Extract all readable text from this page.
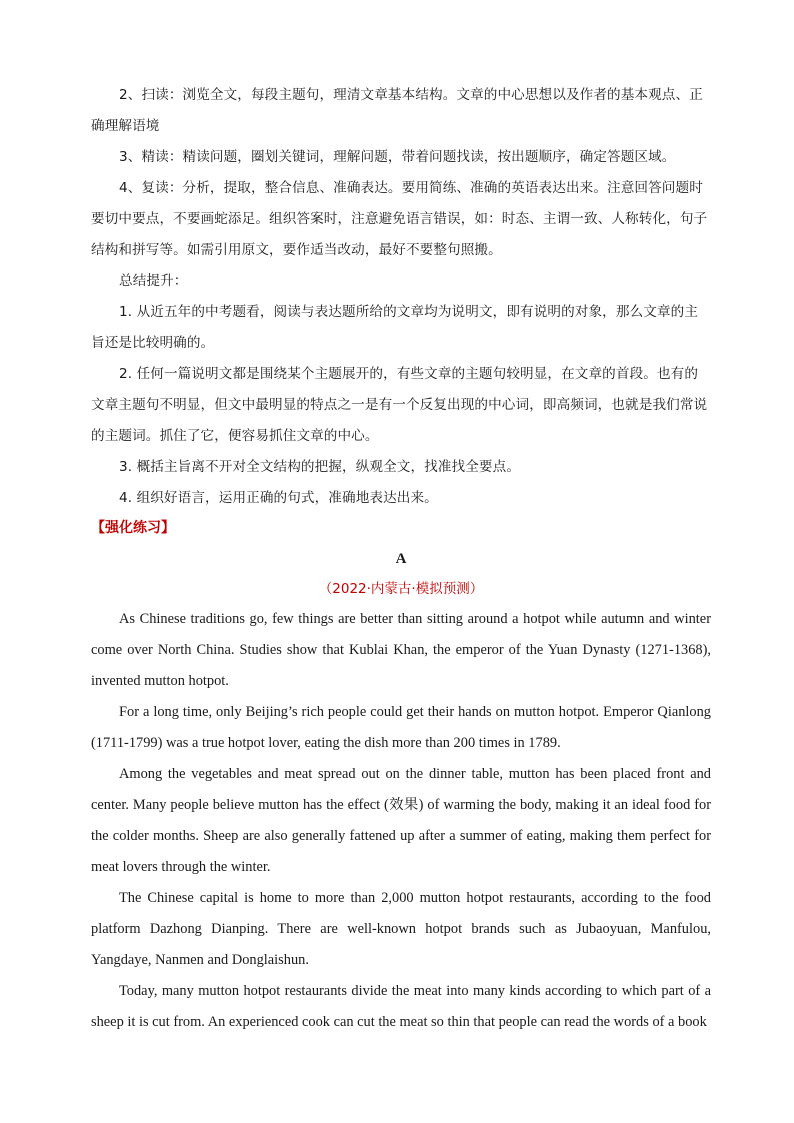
2、扫读：浏览全文，每段主题句，理清文章基本结构。文章的中心思想以及作者的基本观点、正确理解语境

3、精读：精读问题，圈划关键词，理解问题，带着问题找读，按出题顺序，确定答题区域。

4、复读：分析，提取，整合信息、准确表达。要用简练、准确的英语表达出来。注意回答问题时要切中要点，不要画蛇添足。组织答案时，注意避免语言错误，如：时态、主谓一致、人称转化，句子结构和拼写等。如需引用原文，要作适当改动，最好不要整句照搬。

总结提升：

1. 从近五年的中考题看，阅读与表达题所给的文章均为说明文，即有说明的对象，那么文章的主旨还是比较明确的。

2. 任何一篇说明文都是围绕某个主题展开的，有些文章的主题句较明显，在文章的首段。也有的文章主题句不明显，但文中最明显的特点之一是有一个反复出现的中心词，即高频词，也就是我们常说的主题词。抓住了它，便容易抓住文章的中心。

3. 概括主旨离不开对全文结构的把握，纵观全文，找准找全要点。

4. 组织好语言，运用正确的句式，准确地表达出来。

【强化练习】

A

（2022·内蒙古·模拟预测）

As Chinese traditions go, few things are better than sitting around a hotpot while autumn and winter come over North China. Studies show that Kublai Khan, the emperor of the Yuan Dynasty (1271-1368), invented mutton hotpot.

For a long time, only Beijing’s rich people could get their hands on mutton hotpot. Emperor Qianlong (1711-1799) was a true hotpot lover, eating the dish more than 200 times in 1789.

Among the vegetables and meat spread out on the dinner table, mutton has been placed front and center. Many people believe mutton has the effect (效果) of warming the body, making it an ideal food for the colder months. Sheep are also generally fattened up after a summer of eating, making them perfect for meat lovers through the winter.

The Chinese capital is home to more than 2,000 mutton hotpot restaurants, according to the food platform Dazhong Dianping. There are well-known hotpot brands such as Jubaoyuan, Manfulou, Yangdaye, Nanmen and Donglaishun.

Today, many mutton hotpot restaurants divide the meat into many kinds according to which part of a sheep it is cut from. An experienced cook can cut the meat so thin that people can read the words of a book
